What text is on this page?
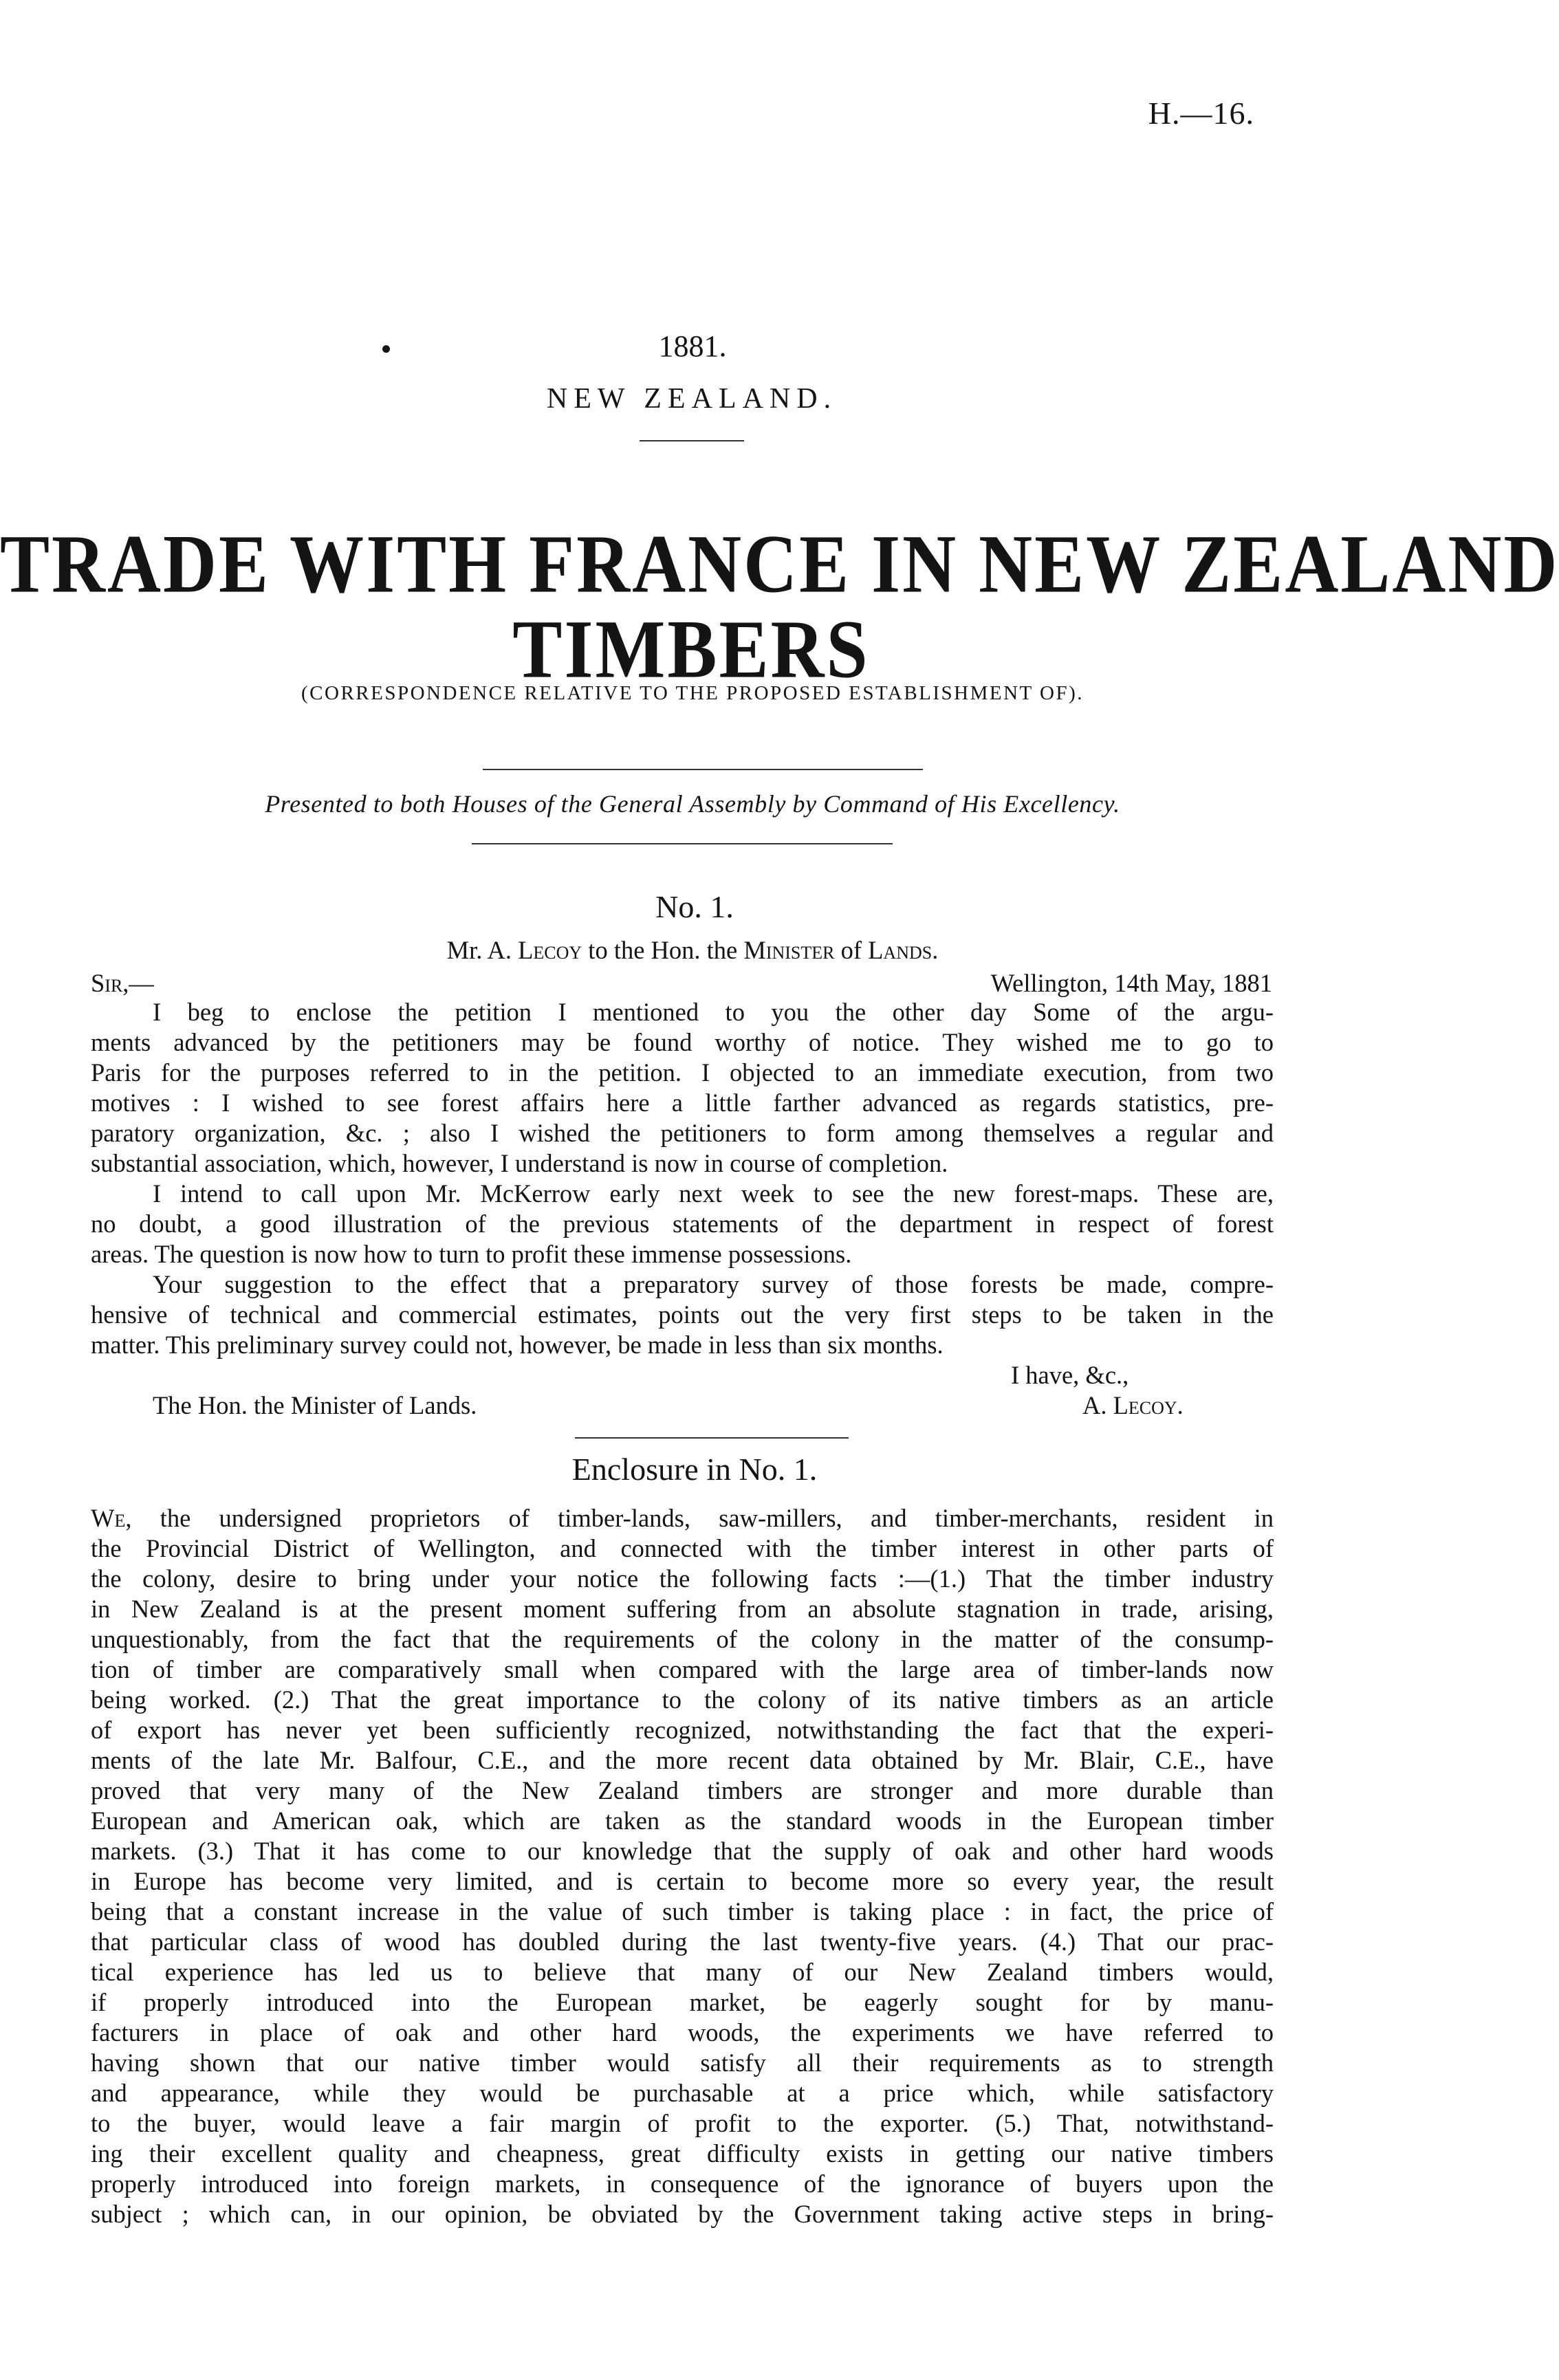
H.—16.
1881.
NEW ZEALAND.
TRADE WITH FRANCE IN NEW ZEALAND
TIMBERS
(CORRESPONDENCE RELATIVE TO THE PROPOSED ESTABLISHMENT OF).
Presented to both Houses of the General Assembly by Command of His Excellency.
No. 1.
Mr. A. Lecoy to the Hon. the Minister of Lands.
Sir,—	Wellington, 14th May, 1881
I beg to enclose the petition I mentioned to you the other day Some of the argu-
ments advanced by the petitioners may be found worthy of notice. They wished me to go to
Paris for the purposes referred to in the petition. I objected to an immediate execution, from two
motives : I wished to see forest affairs here a little farther advanced as regards statistics, pre-
paratory organization, &c. ; also I wished the petitioners to form among themselves a regular and
substantial association, which, however, I understand is now in course of completion.
I intend to call upon Mr. McKerrow early next week to see the new forest-maps. These are,
no doubt, a good illustration of the previous statements of the department in respect of forest
areas. The question is now how to turn to profit these immense possessions.
Your suggestion to the effect that a preparatory survey of those forests be made, compre-
hensive of technical and commercial estimates, points out the very first steps to be taken in the
matter. This preliminary survey could not, however, be made in less than six months.
I have, &c.,
The Hon. the Minister of Lands.	A. Lecoy.
Enclosure in No. 1.
We, the undersigned proprietors of timber-lands, saw-millers, and timber-merchants, resident in
the Provincial District of Wellington, and connected with the timber interest in other parts of
the colony, desire to bring under your notice the following facts :—(1.) That the timber industry
in New Zealand is at the present moment suffering from an absolute stagnation in trade, arising,
unquestionably, from the fact that the requirements of the colony in the matter of the consump-
tion of timber are comparatively small when compared with the large area of timber-lands now
being worked. (2.) That the great importance to the colony of its native timbers as an article
of export has never yet been sufficiently recognized, notwithstanding the fact that the experi-
ments of the late Mr. Balfour, C.E., and the more recent data obtained by Mr. Blair, C.E., have
proved that very many of the New Zealand timbers are stronger and more durable than
European and American oak, which are taken as the standard woods in the European timber
markets. (3.) That it has come to our knowledge that the supply of oak and other hard woods
in Europe has become very limited, and is certain to become more so every year, the result
being that a constant increase in the value of such timber is taking place : in fact, the price of
that particular class of wood has doubled during the last twenty-five years. (4.) That our prac-
tical experience has led us to believe that many of our New Zealand timbers would,
if properly introduced into the European market, be eagerly sought for by manu-
facturers in place of oak and other hard woods, the experiments we have referred to
having shown that our native timber would satisfy all their requirements as to strength
and appearance, while they would be purchasable at a price which, while satisfactory
to the buyer, would leave a fair margin of profit to the exporter. (5.) That, notwithstand-
ing their excellent quality and cheapness, great difficulty exists in getting our native timbers
properly introduced into foreign markets, in consequence of the ignorance of buyers upon the
subject ; which can, in our opinion, be obviated by the Government taking active steps in bring-
